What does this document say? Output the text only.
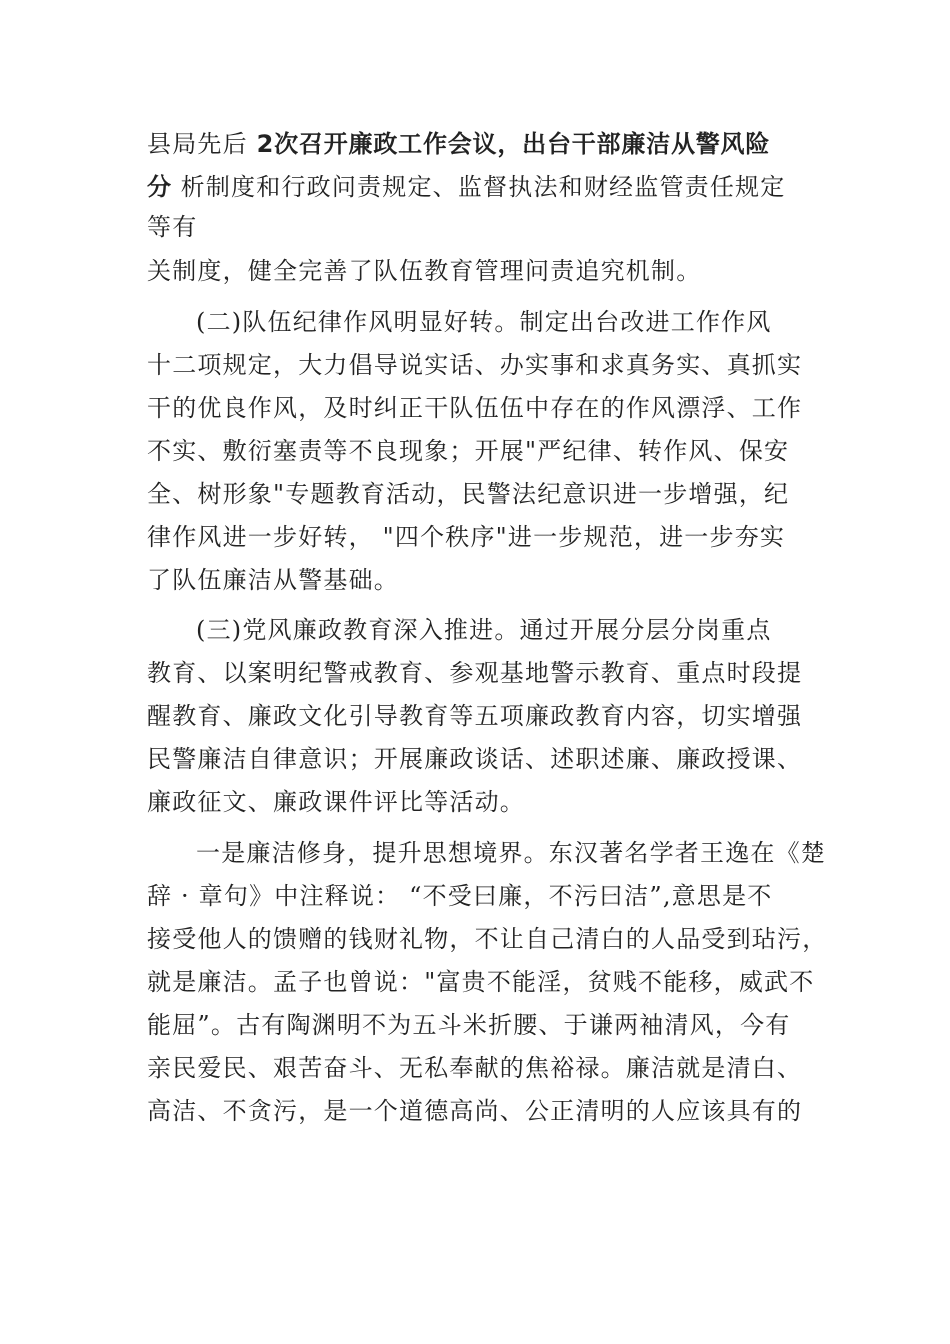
县局先后 2次召开廉政工作会议，出台干部廉洁从警风险
分 析制度和行政问责规定、监督执法和财经监管责任规定
等有
关制度，健全完善了队伍教育管理问责追究机制。
(二)队伍纪律作风明显好转。制定出台改进工作作风
十二项规定，大力倡导说实话、办实事和求真务实、真抓实
干的优良作风，及时纠正干队伍伍中存在的作风漂浮、工作
不实、敷衍塞责等不良现象；开展"严纪律、转作风、保安
全、树形象"专题教育活动，民警法纪意识进一步增强，纪
律作风进一步好转， "四个秩序"进一步规范，进一步夯实
了队伍廉洁从警基础。
(三)党风廉政教育深入推进。通过开展分层分岗重点
教育、以案明纪警戒教育、参观基地警示教育、重点时段提
醒教育、廉政文化引导教育等五项廉政教育内容，切实增强
民警廉洁自律意识；开展廉政谈话、述职述廉、廉政授课、
廉政征文、廉政课件评比等活动。
一是廉洁修身，提升思想境界。东汉著名学者王逸在《楚
辞 · 章句》中注释说： “不受曰廉，不污曰洁”,意思是不
接受他人的馈赠的钱财礼物，不让自己清白的人品受到玷污，
就是廉洁。孟子也曾说："富贵不能淫，贫贱不能移，威武不
能屈”。古有陶渊明不为五斗米折腰、于谦两袖清风，今有
亲民爱民、艰苦奋斗、无私奉献的焦裕禄。廉洁就是清白、
高洁、不贪污，是一个道德高尚、公正清明的人应该具有的
